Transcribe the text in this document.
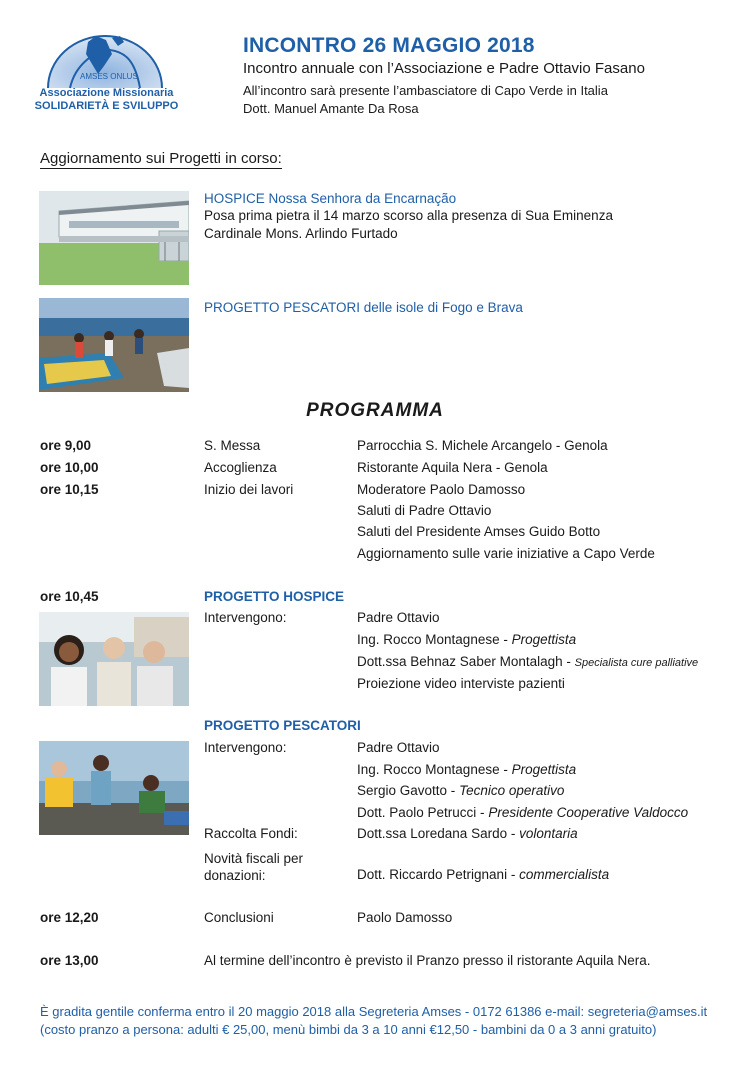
AMSES ONLUS
Associazione Missionaria
SOLIDARIETÀ E SVILUPPO
INCONTRO 26 MAGGIO 2018
Incontro annuale con l’Associazione e Padre Ottavio Fasano
All’incontro sarà presente l’ambasciatore di Capo Verde in Italia
Dott. Manuel Amante Da Rosa
Aggiornamento sui Progetti in corso:
HOSPICE Nossa Senhora da Encarnação
Posa prima pietra il 14 marzo scorso alla presenza di Sua Eminenza
Cardinale Mons. Arlindo Furtado
PROGETTO PESCATORI delle isole di Fogo e Brava
PROGRAMMA
ore 9,00	S. Messa	Parrocchia S. Michele Arcangelo - Genola
ore 10,00	Accoglienza	Ristorante Aquila Nera - Genola
ore 10,15	Inizio dei lavori	Moderatore Paolo Damosso
Saluti di Padre Ottavio
Saluti del Presidente Amses Guido Botto
Aggiornamento sulle varie iniziative a Capo Verde
ore 10,45	PROGETTO HOSPICE
Intervengono:	Padre Ottavio
Ing. Rocco Montagnese - Progettista
Dott.ssa Behnaz Saber Montalagh - Specialista cure palliative
Proiezione video interviste pazienti
PROGETTO PESCATORI
Intervengono:	Padre Ottavio
Ing. Rocco Montagnese - Progettista
Sergio Gavotto - Tecnico operativo
Dott. Paolo Petrucci - Presidente Cooperative Valdocco
Raccolta Fondi:	Dott.ssa Loredana Sardo - volontaria
Novità fiscali per
donazioni:	Dott. Riccardo Petrignani - commercialista
ore 12,20	Conclusioni	Paolo Damosso
ore 13,00	Al termine dell’incontro è previsto il Pranzo presso il ristorante Aquila Nera.
È gradita gentile conferma entro il 20 maggio 2018 alla Segreteria Amses - 0172 61386 e-mail: segreteria@amses.it
(costo pranzo a persona: adulti € 25,00, menù bimbi da 3 a 10 anni €12,50 - bambini da 0 a 3 anni gratuito)
